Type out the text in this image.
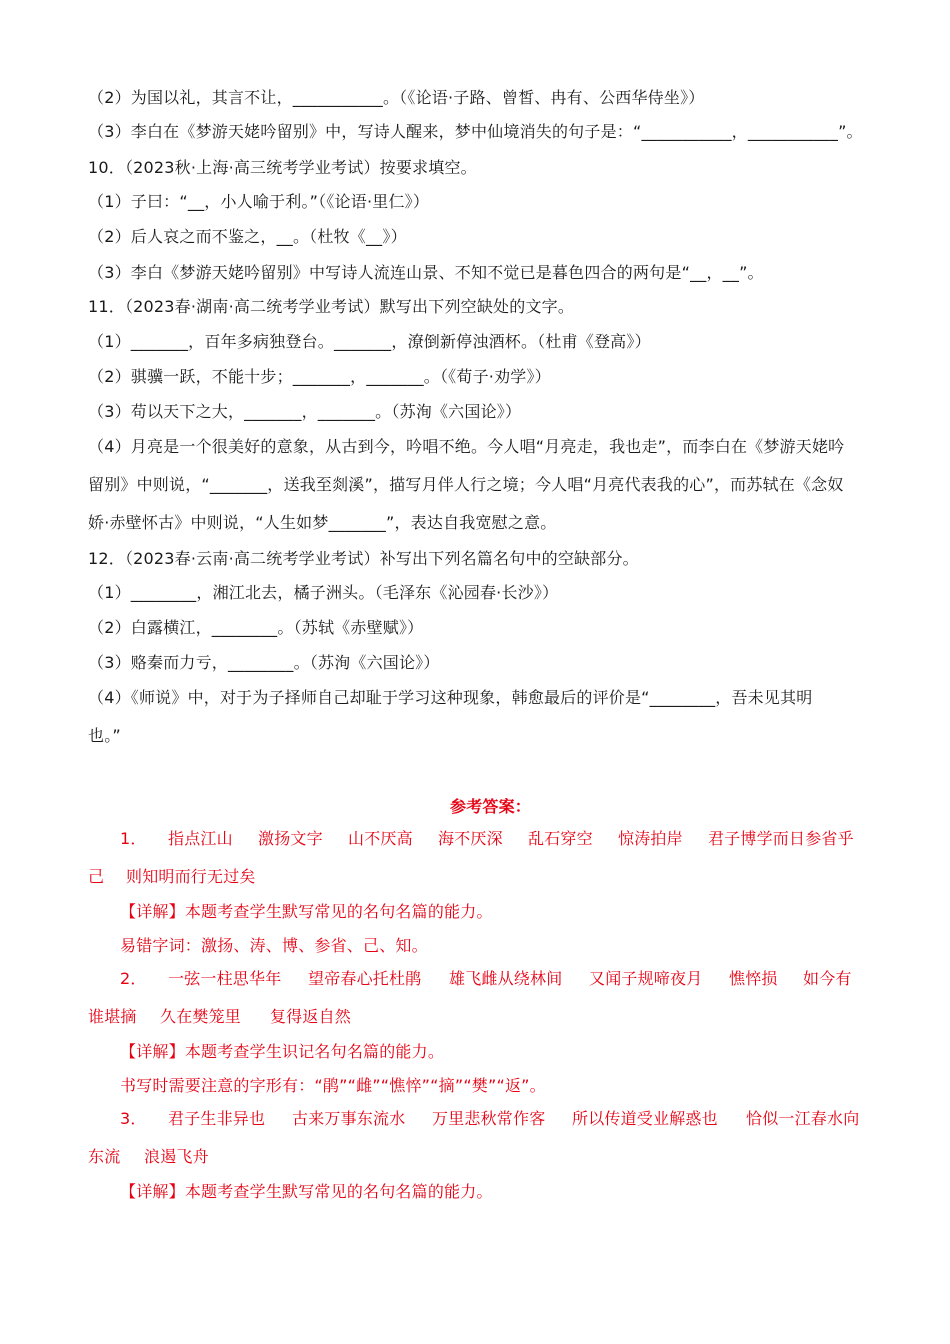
（2）为国以礼，其言不让，___________。（《论语·子路、曾皙、冉有、公西华侍坐》）
（3）李白在《梦游天姥吟留别》中，写诗人醒来，梦中仙境消失的句子是：“___________，___________”。
10．（2023秋·上海·高三统考学业考试）按要求填空。
（1）子曰：“__，小人喻于利。”（《论语·里仁》）
（2）后人哀之而不鉴之，__。（杜牧《__》）
（3）李白《梦游天姥吟留别》中写诗人流连山景、不知不觉已是暮色四合的两句是“__，__”。
11．（2023春·湖南·高二统考学业考试）默写出下列空缺处的文字。
（1）_______，百年多病独登台。_______，潦倒新停浊酒杯。（杜甫《登高》）
（2）骐骥一跃，不能十步；_______，_______。（《荀子·劝学》）
（3）苟以天下之大，_______，_______。（苏洵《六国论》）
（4）月亮是一个很美好的意象，从古到今，吟唱不绝。今人唱“月亮走，我也走”，而李白在《梦游天姥吟
留别》中则说，“_______，送我至剡溪”，描写月伴人行之境；今人唱“月亮代表我的心”，而苏轼在《念奴
娇·赤壁怀古》中则说，“人生如梦_______”，表达自我宽慰之意。
12．（2023春·云南·高二统考学业考试）补写出下列名篇名句中的空缺部分。
（1）________，湘江北去，橘子洲头。（毛泽东《沁园春·长沙》）
（2）白露横江，________。（苏轼《赤壁赋》）
（3）赂秦而力亏，________。（苏洵《六国论》）
（4）《师说》中，对于为子择师自己却耻于学习这种现象，韩愈最后的评价是“________，吾未见其明
也。”
参考答案：
1．	指点江山	激扬文字	山不厌高	海不厌深	乱石穿空	惊涛拍岸	君子博学而日参省乎
己	则知明而行无过矣
【详解】本题考查学生默写常见的名句名篇的能力。
易错字词：激扬、涛、博、参省、己、知。
2．	一弦一柱思华年	望帝春心托杜鹃	雄飞雌从绕林间	又闻子规啼夜月	憔悴损	如今有
谁堪摘	久在樊笼里	复得返自然
【详解】本题考查学生识记名句名篇的能力。
书写时需要注意的字形有：“鹃”“雌”“憔悴”“摘”“樊”“返”。
3．	君子生非异也	古来万事东流水	万里悲秋常作客	所以传道受业解惑也	恰似一江春水向
东流	浪遏飞舟
【详解】本题考查学生默写常见的名句名篇的能力。
